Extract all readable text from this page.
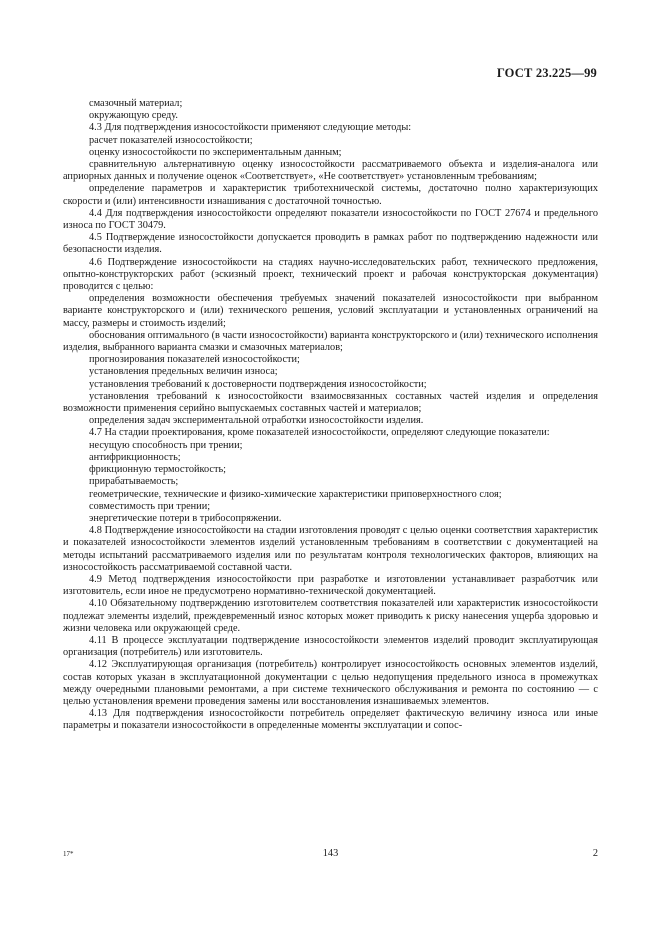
ГОСТ 23.225—99

смазочный материал;

окружающую среду.

4.3 Для подтверждения износостойкости применяют следующие методы:

расчет показателей износостойкости;

оценку износостойкости по экспериментальным данным;

сравнительную альтернативную оценку износостойкости рассматриваемого объекта и изделия-аналога или априорных данных и получение оценок «Соответствует», «Не соответствует» установленным требованиям;

определение параметров и характеристик триботехнической системы, достаточно полно характеризующих скорости и (или) интенсивности изнашивания с достаточной точностью.

4.4 Для подтверждения износостойкости определяют показатели износостойкости по ГОСТ 27674 и предельного износа по ГОСТ 30479.

4.5 Подтверждение износостойкости допускается проводить в рамках работ по подтверждению надежности или безопасности изделия.

4.6 Подтверждение износостойкости на стадиях научно-исследовательских работ, технического предложения, опытно-конструкторских работ (эскизный проект, технический проект и рабочая конструкторская документация) проводится с целью:

определения возможности обеспечения требуемых значений показателей износостойкости при выбранном варианте конструкторского и (или) технического решения, условий эксплуатации и установленных ограничений на массу, размеры и стоимость изделий;

обоснования оптимального (в части износостойкости) варианта конструкторского и (или) технического исполнения изделия, выбранного варианта смазки и смазочных материалов;

прогнозирования показателей износостойкости;

установления предельных величин износа;

установления требований к достоверности подтверждения износостойкости;

установления требований к износостойкости взаимосвязанных составных частей изделия и определения возможности применения серийно выпускаемых составных частей и материалов;

определения задач экспериментальной отработки износостойкости изделия.

4.7 На стадии проектирования, кроме показателей износостойкости, определяют следующие показатели:

несущую способность при трении;

антифрикционность;

фрикционную термостойкость;

прирабатываемость;

геометрические, технические и физико-химические характеристики приповерхностного слоя;

совместимость при трении;

энергетические потери в трибосопряжении.

4.8 Подтверждение износостойкости на стадии изготовления проводят с целью оценки соответствия характеристик и показателей износостойкости элементов изделий установленным требованиям в соответствии с документацией на методы испытаний рассматриваемого изделия или по результатам контроля технологических факторов, влияющих на износостойкость рассматриваемой составной части.

4.9 Метод подтверждения износостойкости при разработке и изготовлении устанавливает разработчик или изготовитель, если иное не предусмотрено нормативно-технической документацией.

4.10 Обязательному подтверждению изготовителем соответствия показателей или характеристик износостойкости подлежат элементы изделий, преждевременный износ которых может приводить к риску нанесения ущерба здоровью и жизни человека или окружающей среде.

4.11 В процессе эксплуатации подтверждение износостойкости элементов изделий проводит эксплуатирующая организация (потребитель) или изготовитель.

4.12 Эксплуатирующая организация (потребитель) контролирует износостойкость основных элементов изделий, состав которых указан в эксплуатационной документации с целью недопущения предельного износа в промежутках между очередными плановыми ремонтами, а при системе технического обслуживания и ремонта по состоянию — с целью установления времени проведения замены или восстановления изнашиваемых элементов.

4.13 Для подтверждения износостойкости потребитель определяет фактическую величину износа или иные параметры и показатели износостойкости в определенные моменты эксплуатации и сопос-

17*	143	2
